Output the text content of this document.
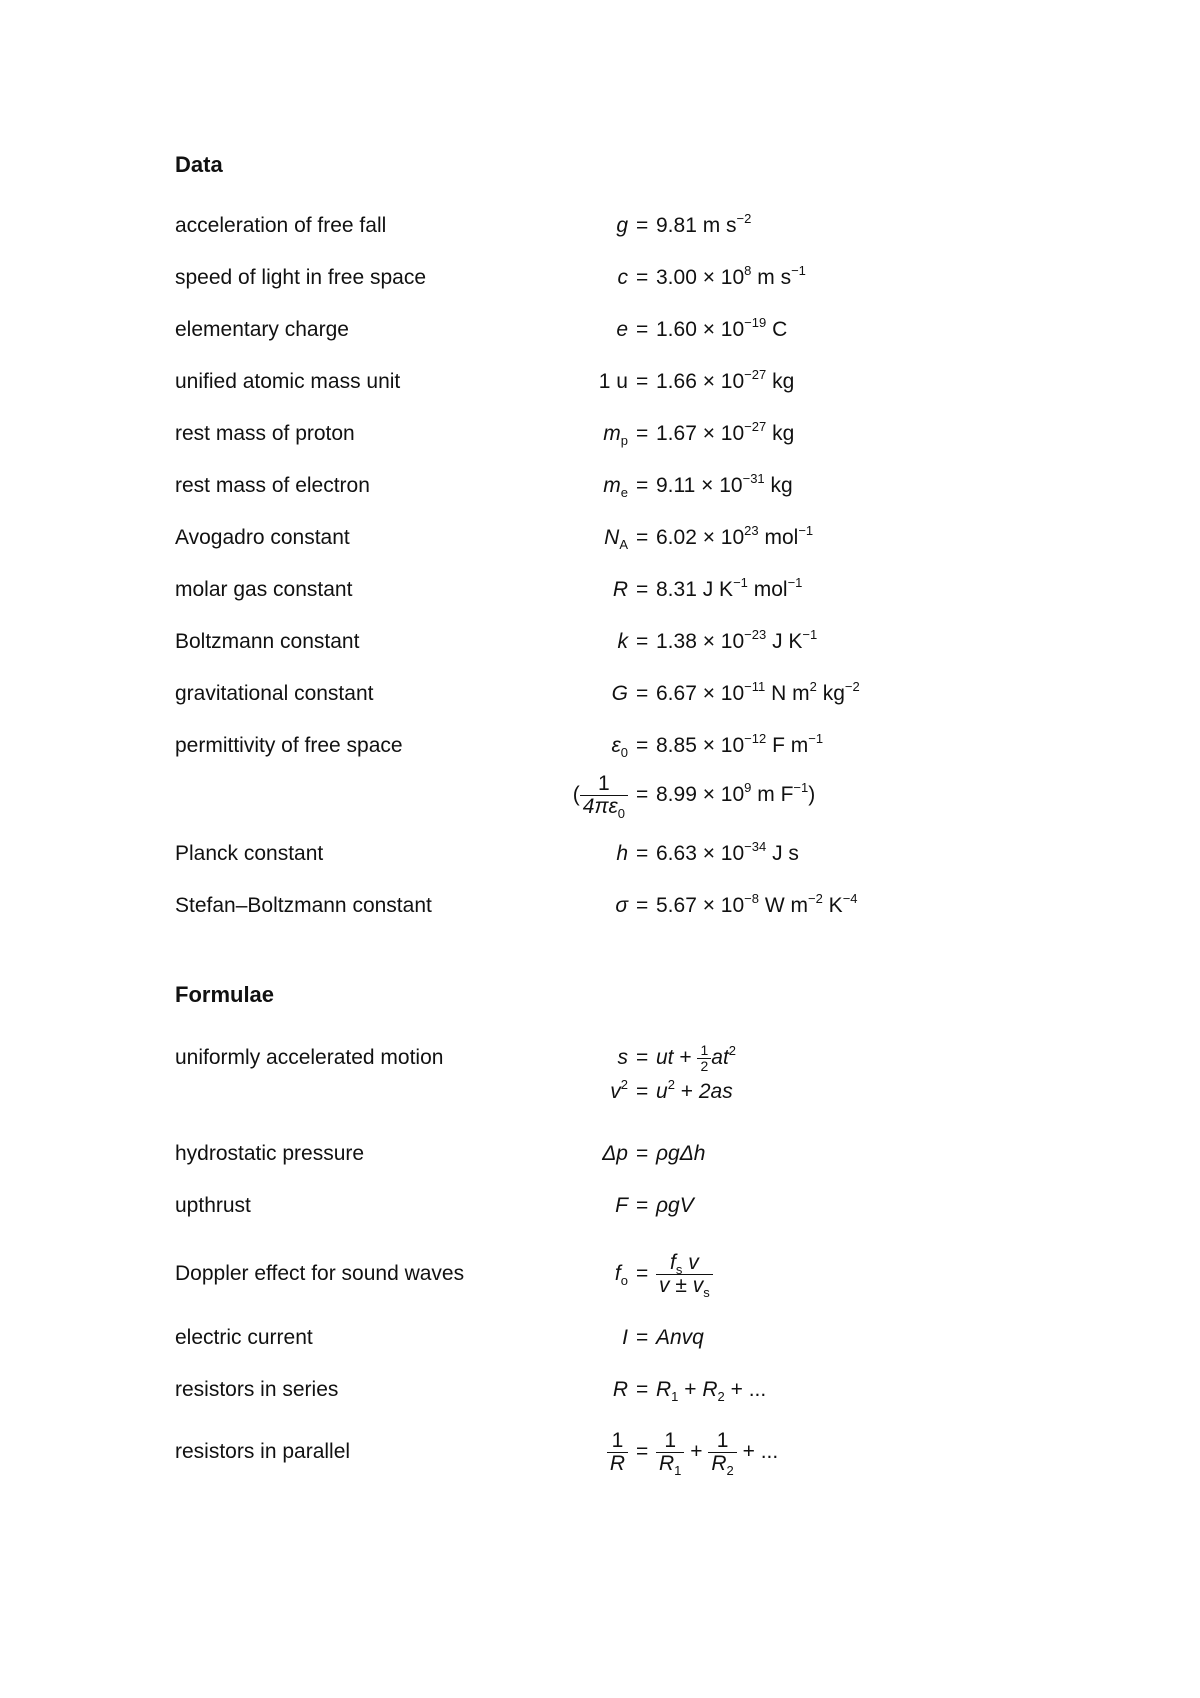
Data
acceleration of free fall	g = 9.81 m $s^{-2}$
speed of light in free space	$c = 3.00 \times 10^8$ m $s^{-1}$
elementary charge	$e = 1.60 \times 10^{-19}$ C
unified atomic mass unit	1 $u = 1.66 \times 10^{-27}$ kg
rest mass of proton	$m_p = 1.67 \times 10^{-27}$ kg
rest mass of electron	$m_e = 9.11 \times 10^{-31}$ kg
Avogadro constant	$N_A = 6.02 \times 10^{23}$ mol$^{-1}$
molar gas constant	R = 8.31 J $K^{-1}$ mol$^{-1}$
Boltzmann constant	$k = 1.38 \times 10^{-23}$ J $K^{-1}$
gravitational constant	$G = 6.67 \times 10^{-11}$ N $m^2$ $kg^{-2}$
permittivity of free space	$\varepsilon_0 = 8.85 \times 10^{-12}$ F $m^{-1}$
( $\frac{1}{4\pi\varepsilon_0} = 8.99 \times 10^9$ m $F^{-1}$)
Planck constant	$h = 6.63 \times 10^{-34}$ J s
Stefan–Boltzmann constant	$\sigma = 5.67 \times 10^{-8}$ W $m^{-2}$ $K^{-4}$
Formulae
uniformly accelerated motion	s = ut + $\frac{1}{2} at^2$
$v^2 = u^2 + 2as$
hydrostatic pressure	Δp = ρgΔh
upthrust	F = ρgV
Doppler effect for sound waves	$f_o = \frac{f_s v}{v \pm v_s}$
electric current	I = Anvq
resistors in series	$R = R_1 + R_2$ + ...
resistors in parallel	$\frac{1}{R} = \frac{1}{R_1} + \frac{1}{R_2}$ + ...
